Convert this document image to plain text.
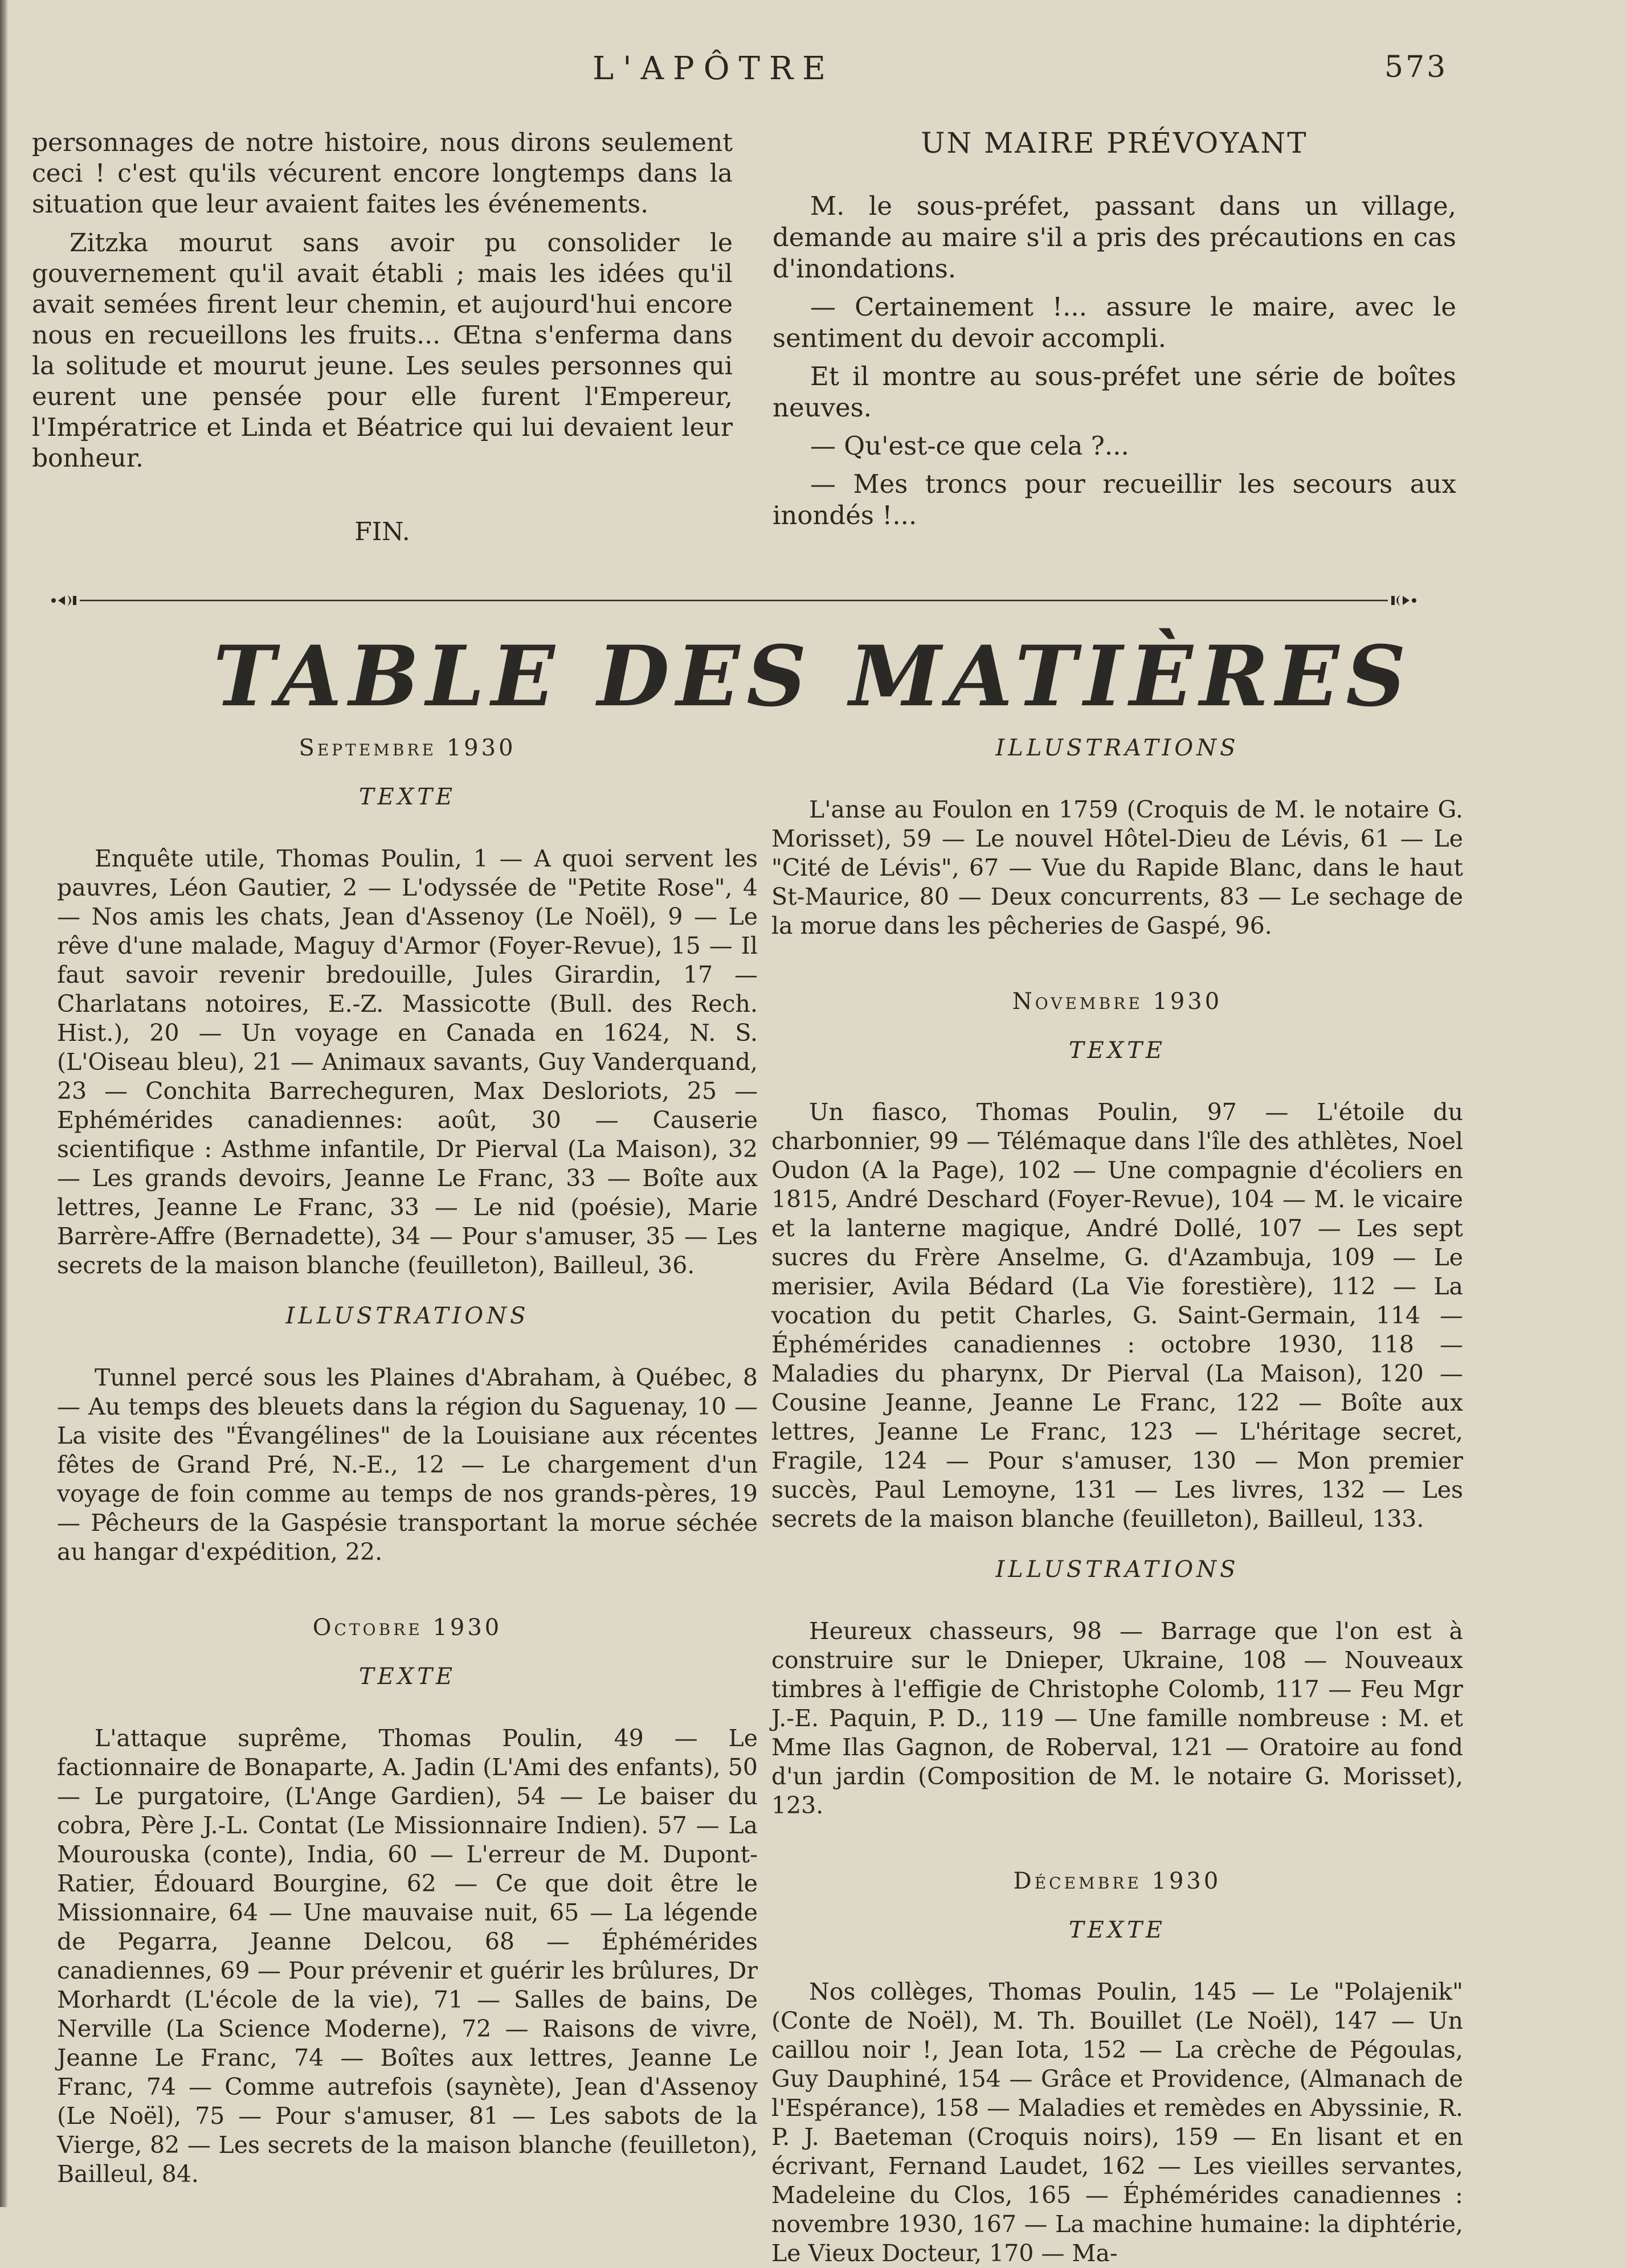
L'APÔTRE	573

personnages de notre histoire, nous dirons seulement ceci ! c'est qu'ils vécurent encore longtemps dans la situation que leur avaient faites les événements.

Zitzka mourut sans avoir pu consolider le gouvernement qu'il avait établi ; mais les idées qu'il avait semées firent leur chemin, et aujourd'hui encore nous en recueillons les fruits... Œtna s'enferma dans la solitude et mourut jeune. Les seules personnes qui eurent une pensée pour elle furent l'Empereur, l'Impératrice et Linda et Béatrice qui lui devaient leur bonheur.

FIN.
UN MAIRE PRÉVOYANT

M. le sous-préfet, passant dans un village, demande au maire s'il a pris des précautions en cas d'inondations.

— Certainement !... assure le maire, avec le sentiment du devoir accompli.

Et il montre au sous-préfet une série de boîtes neuves.

— Qu'est-ce que cela ?...

— Mes troncs pour recueillir les secours aux inondés !...

TABLE DES MATIÈRES

Septembre 1930

TEXTE

Enquête utile, Thomas Poulin, 1 — A quoi servent les pauvres, Léon Gautier, 2 — L'odyssée de "Petite Rose", 4 — Nos amis les chats, Jean d'Assenoy (Le Noël), 9 — Le rêve d'une malade, Maguy d'Armor (Foyer-Revue), 15 — Il faut savoir revenir bredouille, Jules Girardin, 17 — Charlatans notoires, E.-Z. Massicotte (Bull. des Rech. Hist.), 20 — Un voyage en Canada en 1624, N. S. (L'Oiseau bleu), 21 — Animaux savants, Guy Vanderquand, 23 — Conchita Barrecheguren, Max Desloriots, 25 — Ephémérides canadiennes: août, 30 — Causerie scientifique : Asthme infantile, Dr Pierval (La Maison), 32 — Les grands devoirs, Jeanne Le Franc, 33 — Boîte aux lettres, Jeanne Le Franc, 33 — Le nid (poésie), Marie Barrère-Affre (Bernadette), 34 — Pour s'amuser, 35 — Les secrets de la maison blanche (feuilleton), Bailleul, 36.

ILLUSTRATIONS

Tunnel percé sous les Plaines d'Abraham, à Québec, 8 — Au temps des bleuets dans la région du Saguenay, 10 — La visite des "Évangélines" de la Louisiane aux récentes fêtes de Grand Pré, N.-E., 12 — Le chargement d'un voyage de foin comme au temps de nos grands-pères, 19 — Pêcheurs de la Gaspésie transportant la morue séchée au hangar d'expédition, 22.

Octobre 1930

TEXTE

L'attaque suprême, Thomas Poulin, 49 — Le factionnaire de Bonaparte, A. Jadin (L'Ami des enfants), 50 — Le purgatoire, (L'Ange Gardien), 54 — Le baiser du cobra, Père J.-L. Contat (Le Missionnaire Indien). 57 — La Mourouska (conte), India, 60 — L'erreur de M. Dupont-Ratier, Édouard Bourgine, 62 — Ce que doit être le Missionnaire, 64 — Une mauvaise nuit, 65 — La légende de Pegarra, Jeanne Delcou, 68 — Éphémérides canadiennes, 69 — Pour prévenir et guérir les brûlures, Dr Morhardt (L'école de la vie), 71 — Salles de bains, De Nerville (La Science Moderne), 72 — Raisons de vivre, Jeanne Le Franc, 74 — Boîtes aux lettres, Jeanne Le Franc, 74 — Comme autrefois (saynète), Jean d'Assenoy (Le Noël), 75 — Pour s'amuser, 81 — Les sabots de la Vierge, 82 — Les secrets de la maison blanche (feuilleton), Bailleul, 84.

ILLUSTRATIONS

L'anse au Foulon en 1759 (Croquis de M. le notaire G. Morisset), 59 — Le nouvel Hôtel-Dieu de Lévis, 61 — Le "Cité de Lévis", 67 — Vue du Rapide Blanc, dans le haut St-Maurice, 80 — Deux concurrents, 83 — Le sechage de la morue dans les pêcheries de Gaspé, 96.

Novembre 1930

TEXTE

Un fiasco, Thomas Poulin, 97 — L'étoile du charbonnier, 99 — Télémaque dans l'île des athlètes, Noel Oudon (A la Page), 102 — Une compagnie d'écoliers en 1815, André Deschard (Foyer-Revue), 104 — M. le vicaire et la lanterne magique, André Dollé, 107 — Les sept sucres du Frère Anselme, G. d'Azambuja, 109 — Le merisier, Avila Bédard (La Vie forestière), 112 — La vocation du petit Charles, G. Saint-Germain, 114 — Éphémérides canadiennes : octobre 1930, 118 — Maladies du pharynx, Dr Pierval (La Maison), 120 — Cousine Jeanne, Jeanne Le Franc, 122 — Boîte aux lettres, Jeanne Le Franc, 123 — L'héritage secret, Fragile, 124 — Pour s'amuser, 130 — Mon premier succès, Paul Lemoyne, 131 — Les livres, 132 — Les secrets de la maison blanche (feuilleton), Bailleul, 133.

ILLUSTRATIONS

Heureux chasseurs, 98 — Barrage que l'on est à construire sur le Dnieper, Ukraine, 108 — Nouveaux timbres à l'effigie de Christophe Colomb, 117 — Feu Mgr J.-E. Paquin, P. D., 119 — Une famille nombreuse : M. et Mme Ilas Gagnon, de Roberval, 121 — Oratoire au fond d'un jardin (Composition de M. le notaire G. Morisset), 123.

Décembre 1930

TEXTE

Nos collèges, Thomas Poulin, 145 — Le "Polajenik" (Conte de Noël), M. Th. Bouillet (Le Noël), 147 — Un caillou noir !, Jean Iota, 152 — La crèche de Pégoulas, Guy Dauphiné, 154 — Grâce et Providence, (Almanach de l'Espérance), 158 — Maladies et remèdes en Abyssinie, R. P. J. Baeteman (Croquis noirs), 159 — En lisant et en écrivant, Fernand Laudet, 162 — Les vieilles servantes, Madeleine du Clos, 165 — Éphémérides canadiennes : novembre 1930, 167 — La machine humaine: la diphtérie, Le Vieux Docteur, 170 — Ma-
